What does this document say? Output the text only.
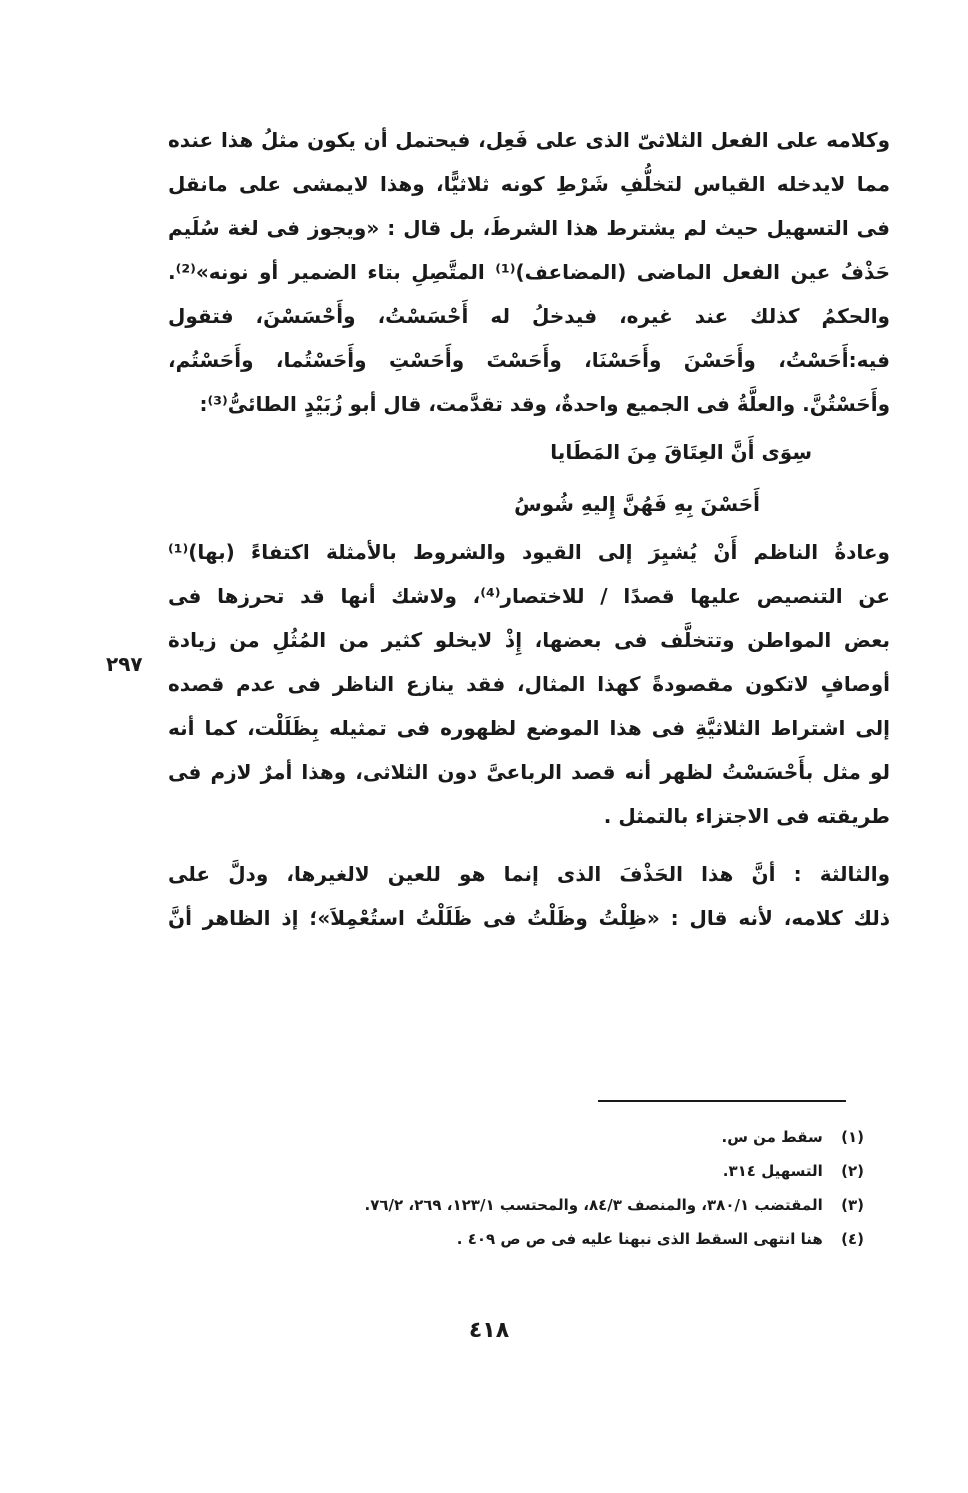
وكلامه على الفعل الثلاثىّ الذى على فَعِل، فيحتمل أن يكون مثلُ هذا عنده
مما لايدخله القياس لتخلُّفِ شَرْطِ كونه ثلاثيًّا، وهذا لايمشى على مانقل
فى التسهيل حيث لم يشترط هذا الشرطَ، بل قال : «ويجوز فى لغة سُلَيم
حَذْفُ عين الفعل الماضى (المضاعف)⁽¹⁾ المتَّصِلِ بتاء الضمير أو نونه»⁽²⁾.
والحكمُ كذلك عند غيره، فيدخلُ له أَحْسَسْتُ، وأَحْسَسْنَ، فتقول
فيه:أَحَسْتُ، وأَحَسْنَ وأَحَسْنَا، وأَحَسْتَ وأَحَسْتِ وأَحَسْتُما، وأَحَسْتُم،
وأَحَسْتُنَّ. والعلَّةُ فى الجميع واحدةٌ، وقد تقدَّمت، قال أبو زُبَيْدٍ الطائىُّ⁽³⁾:
سِوَى أَنَّ العِتَاقَ مِنَ المَطَايا
أَحَسْنَ بِهِ فَهُنَّ إِليهِ شُوسُ
وعادةُ الناظم أَنْ يُشيِرَ إلى القيود والشروط بالأمثلة اكتفاءً (بها)⁽¹⁾
عن التنصيص عليها قصدًا / للاختصار⁽⁴⁾، ولاشك أنها قد تحرزها فى
بعض المواطن وتتخلَّف فى بعضها، إِذْ لايخلو كثير من المُثُلِ من زيادة
أوصافٍ لاتكون مقصودةً كهذا المثال، فقد ينازع الناظر فى عدم قصده
إلى اشتراط الثلاثيَّةِ فى هذا الموضع لظهوره فى تمثيله بِظَلَلْت، كما أنه
لو مثل بأَحْسَسْتُ لظهر أنه قصد الرباعىَّ دون الثلاثى، وهذا أمرٌ لازم فى
طريقته فى الاجتزاء بالتمثل .
والثالثة : أنَّ هذا الحَذْفَ الذى إنما هو للعين لالغيرها، ودلَّ على
ذلك كلامه، لأنه قال : «ظِلْتُ وظَلْتُ فى ظَلَلْتُ استُعْمِلاَ»؛ إذ الظاهر أنَّ
٢٩٧
(١) سقط من س.
(٢) التسهيل ٣١٤.
(٣) المقتضب ٣٨٠/١، والمنصف ٨٤/٣، والمحتسب ١٢٣/١، ٢٦٩، ٧٦/٢.
(٤) هنا انتهى السقط الذى نبهنا عليه فى ص ص ٤٠٩ .
٤١٨
